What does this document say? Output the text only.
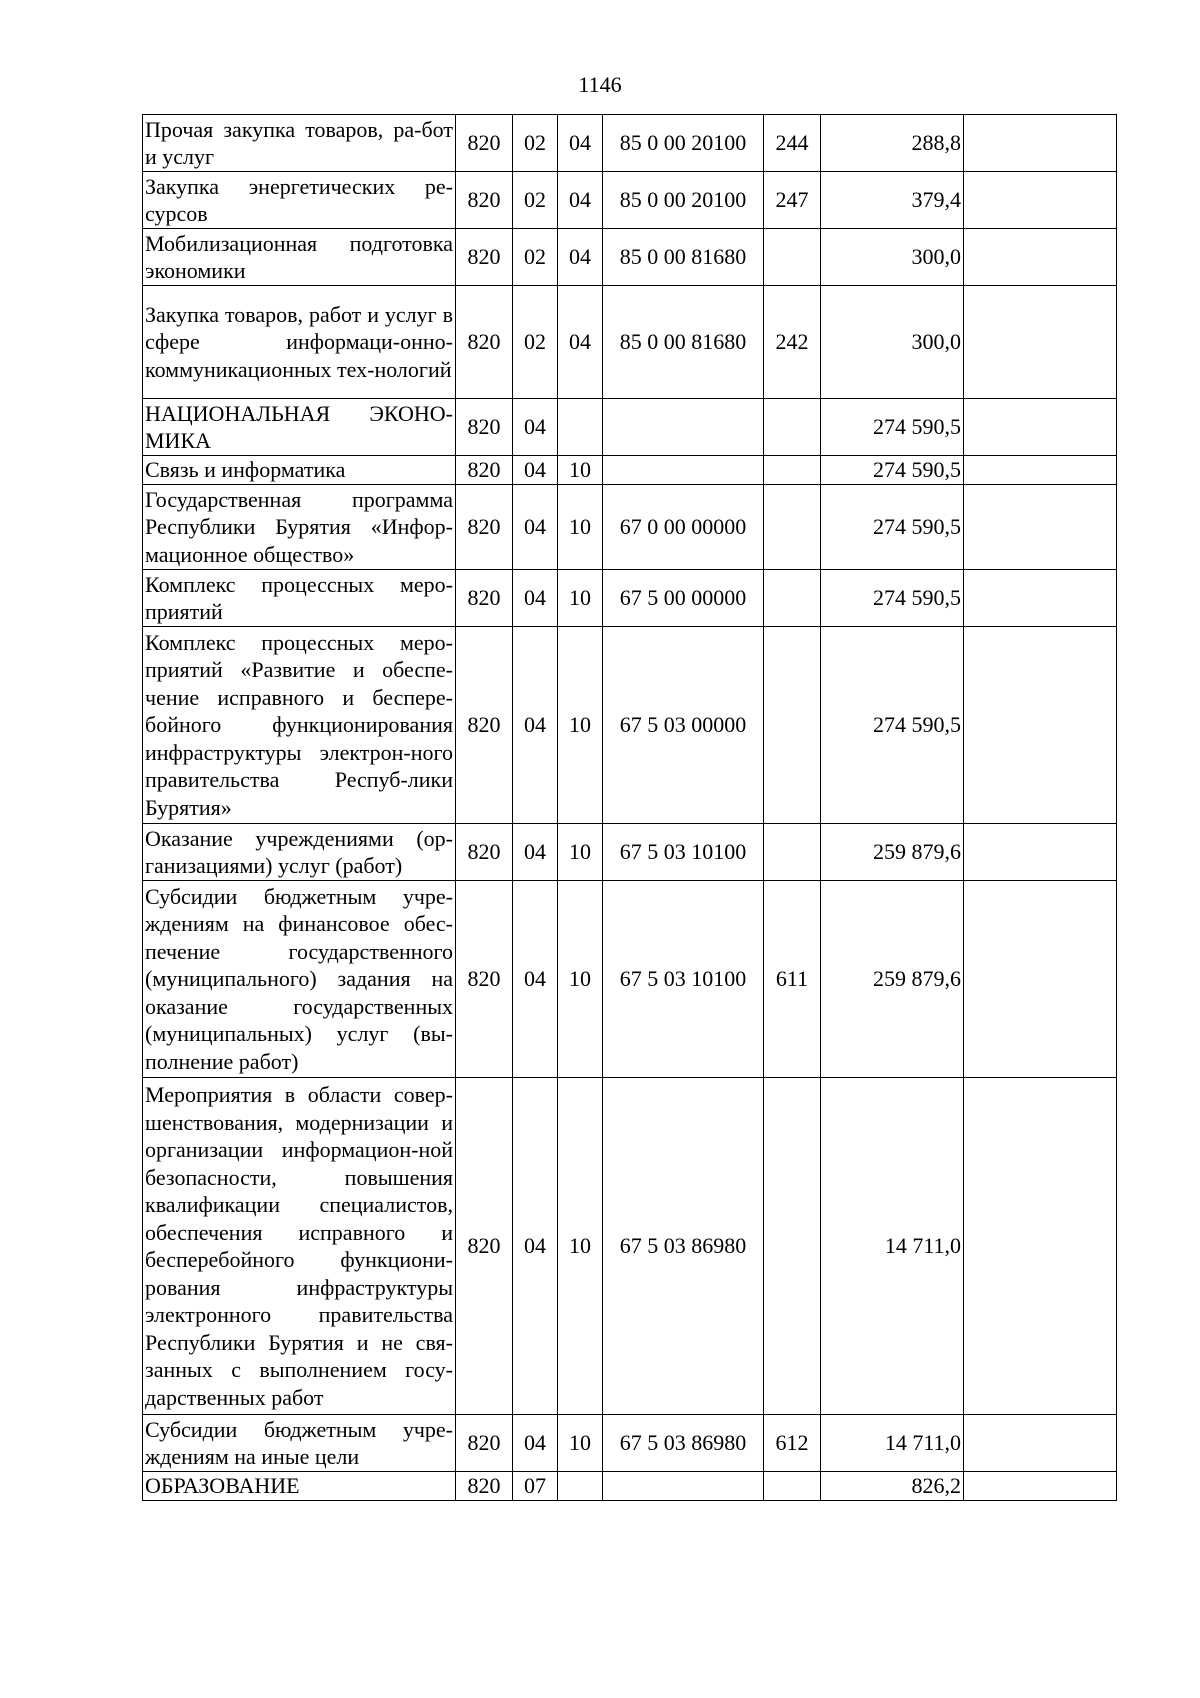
1146
Прочая закупка товаров, ра-бот и услуг	820	02	04	85 0 00 20100	244	288,8	
Закупка энергетических ре-сурсов	820	02	04	85 0 00 20100	247	379,4	
Мобилизационная подготовка экономики	820	02	04	85 0 00 81680		300,0	
Закупка товаров, работ и услуг в сфере информаци-онно-коммуникационных тех-нологий	820	02	04	85 0 00 81680	242	300,0	
НАЦИОНАЛЬНАЯ ЭКОНО-МИКА	820	04				274 590,5	
Связь и информатика	820	04	10			274 590,5	
Государственная программа Республики Бурятия «Инфор-мационное общество»	820	04	10	67 0 00 00000		274 590,5	
Комплекс процессных меро-приятий	820	04	10	67 5 00 00000		274 590,5	
Комплекс процессных меро-приятий «Развитие и обеспе-чение исправного и беспере-бойного функционирования инфраструктуры электрон-ного правительства Респуб-лики Бурятия»	820	04	10	67 5 03 00000		274 590,5	
Оказание учреждениями (ор-ганизациями) услуг (работ)	820	04	10	67 5 03 10100		259 879,6	
Субсидии бюджетным учре-ждениям на финансовое обес-печение государственного (муниципального) задания на оказание государственных (муниципальных) услуг (вы-полнение работ)	820	04	10	67 5 03 10100	611	259 879,6	
Мероприятия в области совер-шенствования, модернизации и организации информацион-ной безопасности, повышения квалификации специалистов, обеспечения исправного и бесперебойного функциони-рования инфраструктуры электронного правительства Республики Бурятия и не свя-занных с выполнением госу-дарственных работ	820	04	10	67 5 03 86980		14 711,0	
Субсидии бюджетным учре-ждениям на иные цели	820	04	10	67 5 03 86980	612	14 711,0	
ОБРАЗОВАНИЕ	820	07				826,2	
